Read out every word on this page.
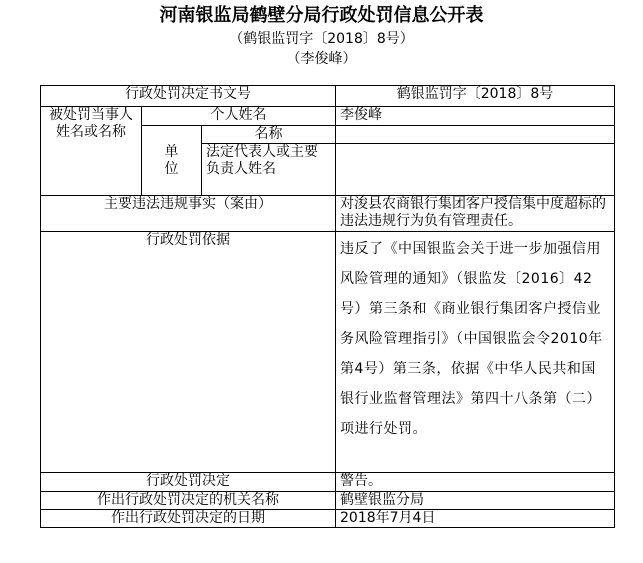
河南银监局鹤壁分局行政处罚信息公开表
（鹤银监罚字〔2018〕8号）
（李俊峰）
行政处罚决定书文号			鹤银监罚字〔2018〕8号
被处罚当事人姓名或名称	个人姓名		李俊峰

	单位	名称	
		法定代表人或主要负责人姓名	
主要违法违规事实（案由）			对浚县农商银行集团客户授信集中度超标的违法违规行为负有管理责任。
行政处罚依据			违反了《中国银监会关于进一步加强信用风险管理的通知》（银监发〔2016〕42号）第三条和《商业银行集团客户授信业务风险管理指引》（中国银监会令2010年第4号）第三条，依据《中华人民共和国银行业监督管理法》第四十八条第（二）项进行处罚。
行政处罚决定			警告。
作出行政处罚决定的机关名称			鹤壁银监分局
作出行政处罚决定的日期			2018年7月4日
